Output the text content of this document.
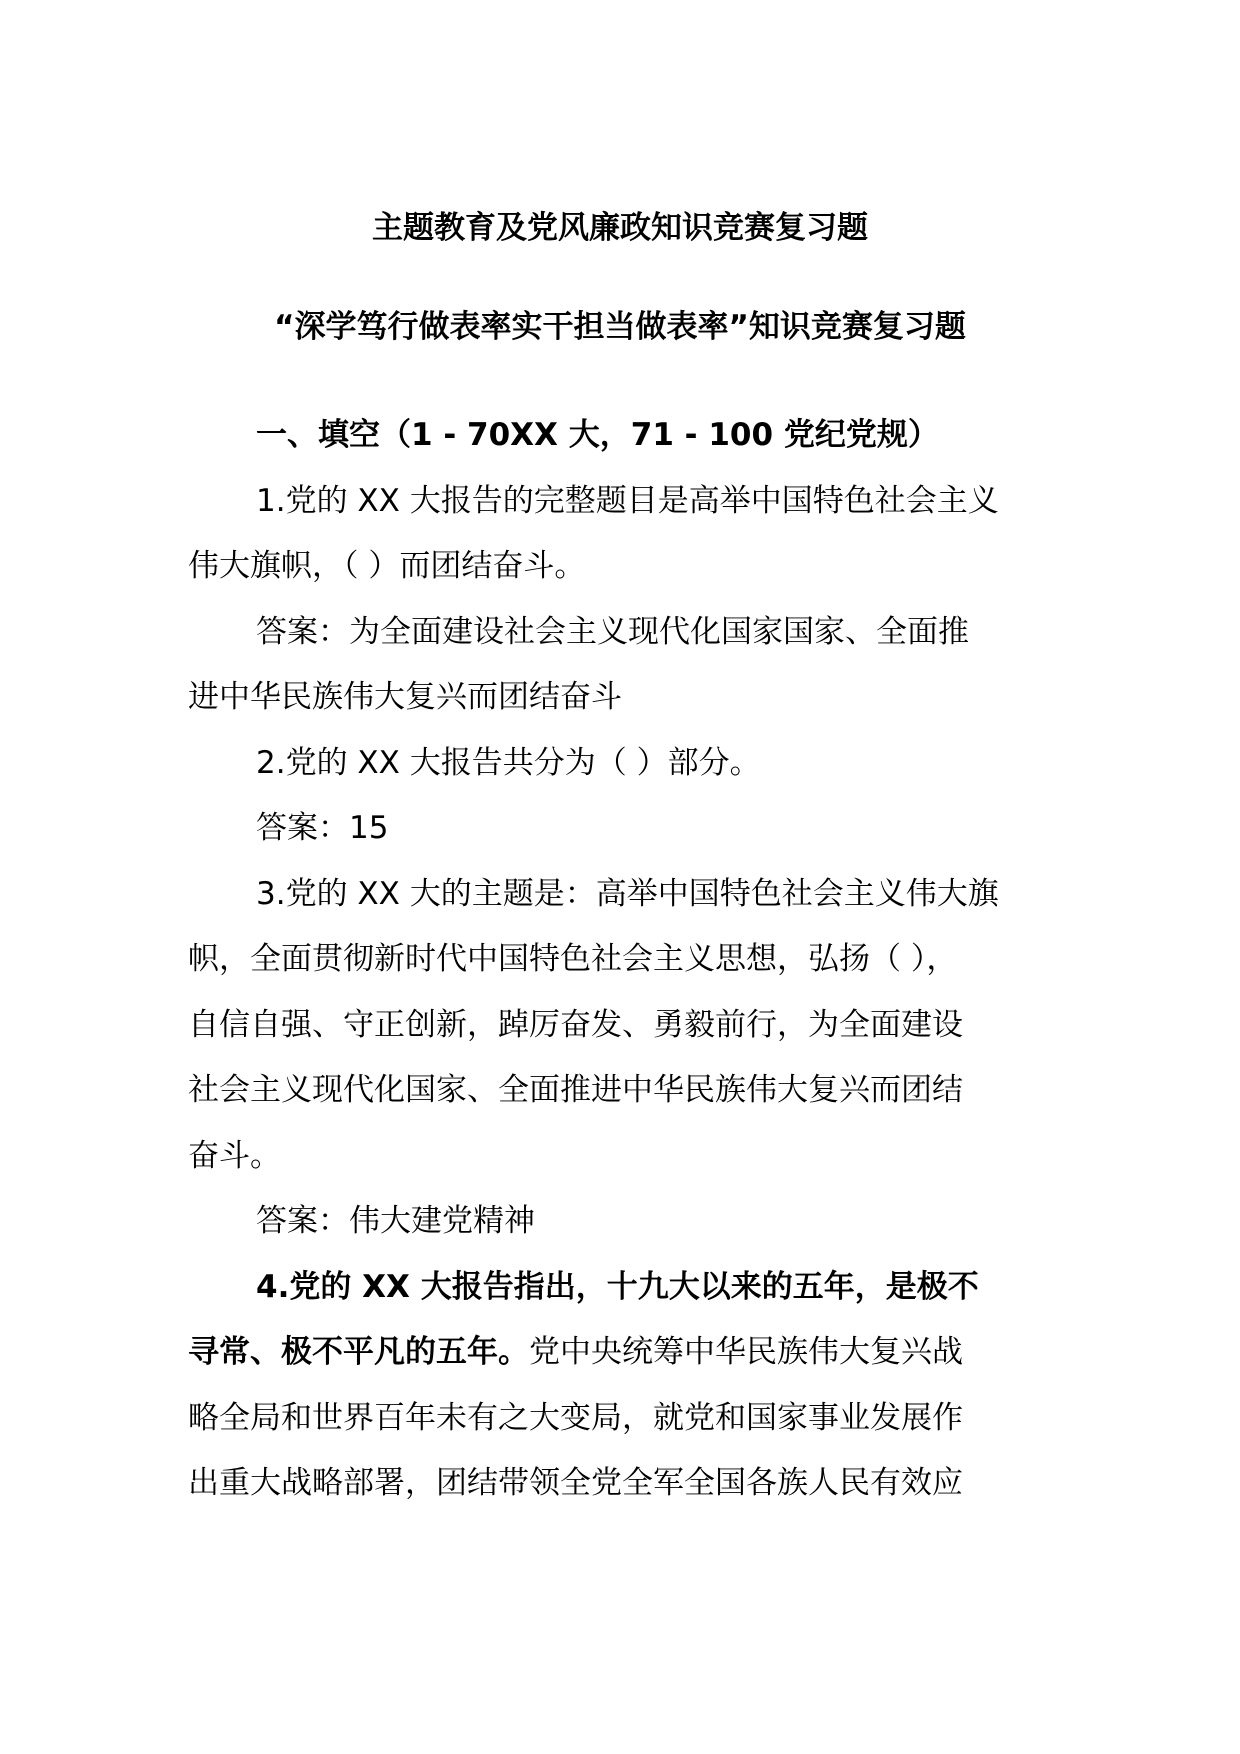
主题教育及党风廉政知识竞赛复习题
“深学笃行做表率实干担当做表率”知识竞赛复习题
一、填空（1 - 70XX 大，71 - 100 党纪党规）
1.党的 XX 大报告的完整题目是高举中国特色社会主义
伟大旗帜，（ ）而团结奋斗。
答案：为全面建设社会主义现代化国家国家、全面推
进中华民族伟大复兴而团结奋斗
2.党的 XX 大报告共分为（ ）部分。
答案：15
3.党的 XX 大的主题是：高举中国特色社会主义伟大旗
帜，全面贯彻新时代中国特色社会主义思想，弘扬（ ），
自信自强、守正创新，踔厉奋发、勇毅前行，为全面建设
社会主义现代化国家、全面推进中华民族伟大复兴而团结
奋斗。
答案：伟大建党精神
4.党的 XX 大报告指出，十九大以来的五年，是极不
寻常、极不平凡的五年。党中央统筹中华民族伟大复兴战
略全局和世界百年未有之大变局，就党和国家事业发展作
出重大战略部署，团结带领全党全军全国各族人民有效应
